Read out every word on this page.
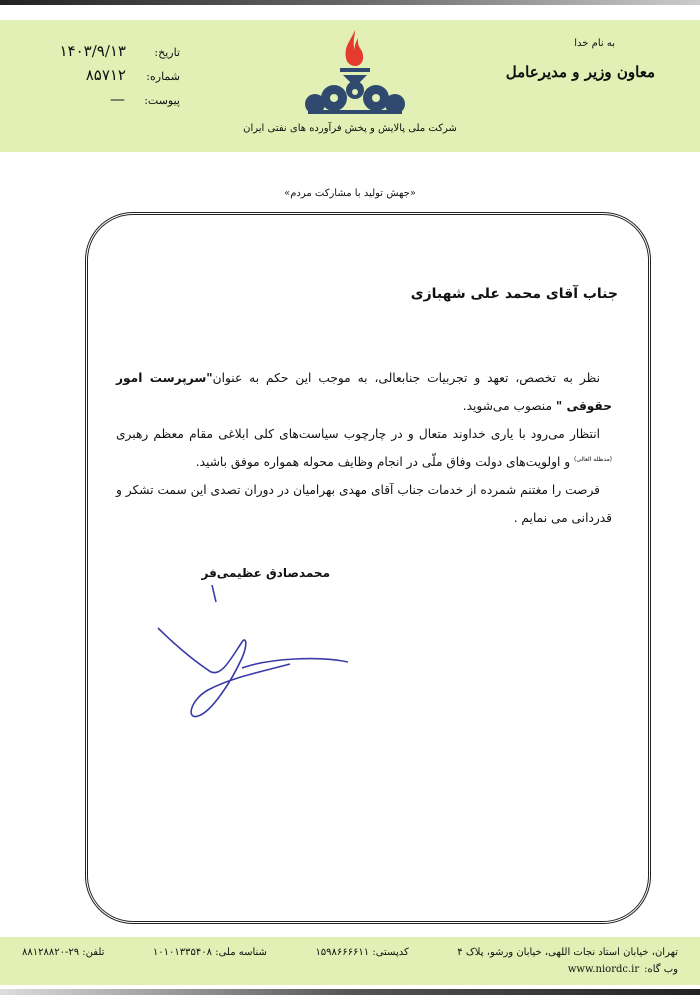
به نام خدا
معاون وزیر و مدیرعامل
شرکت ملی پالایش و پخش فرآورده های نفتی ایران
تاریخ:
۱۴۰۳/۹/۱۳
شماره:
۸۵۷۱۲
پیوست:
—
«جهش تولید با مشارکت مردم»
جناب آقای محمد علی شهبازی

نظر به تخصص، تعهد و تجربیات جنابعالی، به موجب این حکم به عنوان"سرپرست امور حقوقی " منصوب می‌شوید.

انتظار می‌رود با یاری خداوند متعال و در چارچوب سیاست‌های کلی ابلاغی مقام معظم رهبری $^{(مدظله العالی)}$ و اولویت‌های دولت وفاق ملّی در انجام وظایف محوله همواره موفق باشید.

فرصت را مغتنم شمرده از خدمات جناب آقای مهدی بهرامیان در دوران تصدی این سمت تشکر و قدردانی می نمایم .

محمدصادق عظیمی‌فر
تهران، خیابان استاد نجات اللهی، خیابان ورشو، پلاک ۴
کدپستی: ۱۵۹۸۶۶۶۶۱۱
شناسه ملی: ۱۰۱۰۱۳۳۵۴۰۸
تلفن: ۲۹-۸۸۱۲۸۸۲۰
وب گاه:
www.niordc.ir
